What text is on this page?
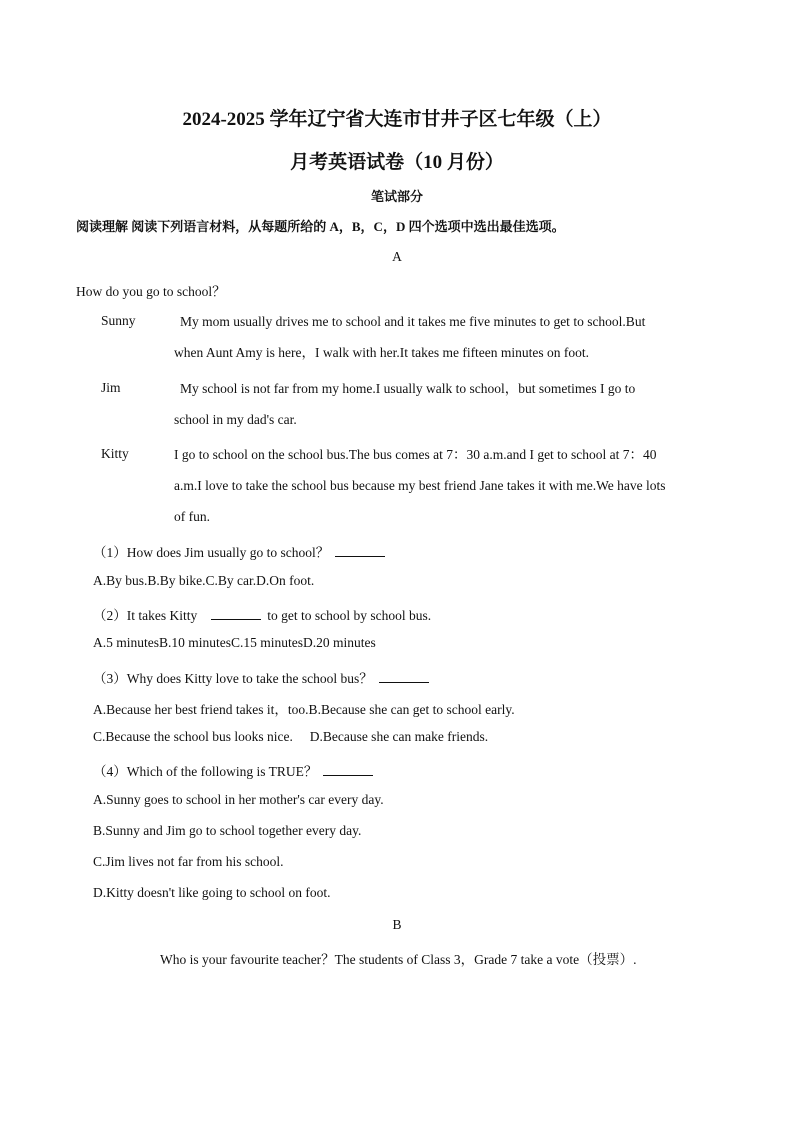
2024-2025 学年辽宁省大连市甘井子区七年级（上）
月考英语试卷（10 月份）
笔试部分
阅读理解 阅读下列语言材料，从每题所给的 A，B，C，D 四个选项中选出最佳选项。
A
How do you go to school？
Sunny	My mom usually drives me to school and it takes me five minutes to get to school.But

when Aunt Amy is here，I walk with her.It takes me fifteen minutes on foot.

Jim	My school is not far from my home.I usually walk to school，but sometimes I go to

school in my dad's car.

Kitty	I go to school on the school bus.The bus comes at 7：30 a.m.and I get to school at 7：40

a.m.I love to take the school bus because my best friend Jane takes it with me.We have lots

of fun.

（1）How does Jim usually go to school？
A.By bus.B.By bike.C.By car.D.On foot.
（2）It takes Kitty	to get to school by school bus.
A.5 minutesB.10 minutesC.15 minutesD.20 minutes
（3）Why does Kitty love to take the school bus？
A.Because her best friend takes it，too.B.Because she can get to school early.
C.Because the school bus looks nice.     D.Because she can make friends.
（4）Which of the following is TRUE？
A.Sunny goes to school in her mother's car every day.
B.Sunny and Jim go to school together every day.
C.Jim lives not far from his school.
D.Kitty doesn't like going to school on foot.
B
Who is your favourite teacher？The students of Class 3，Grade 7 take a vote（投票）.
